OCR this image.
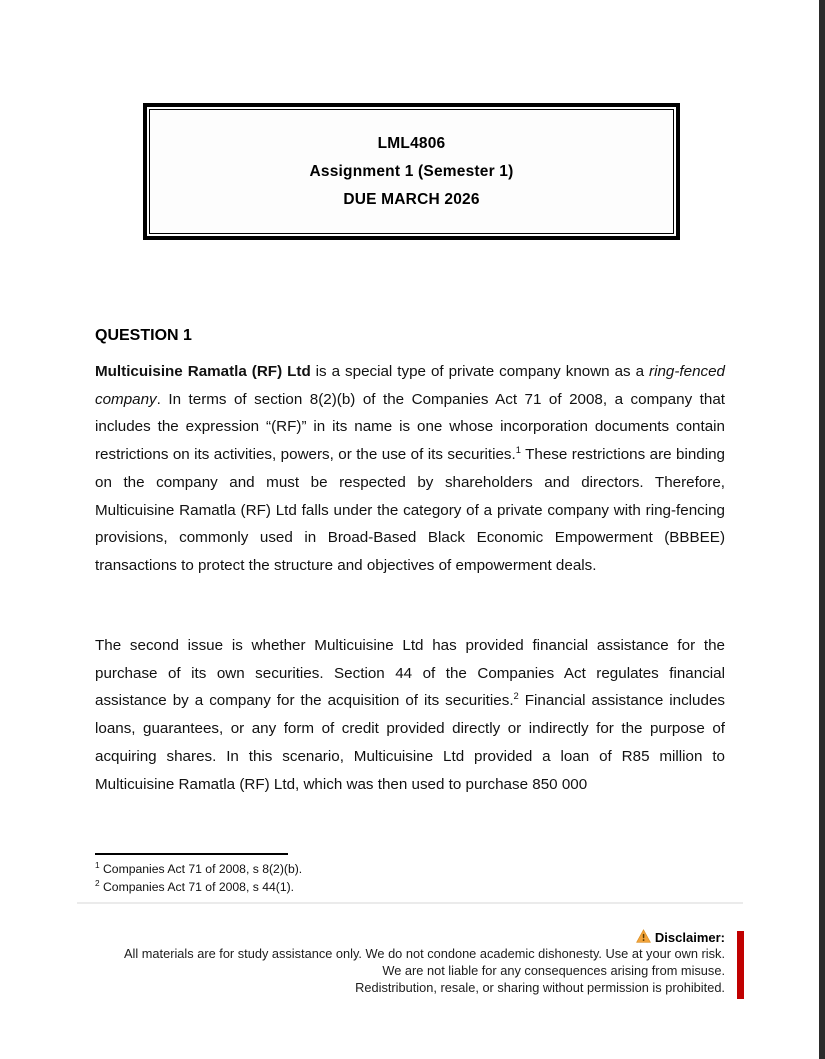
LML4806
Assignment 1 (Semester 1)
DUE MARCH 2026
QUESTION 1

Multicuisine Ramatla (RF) Ltd is a special type of private company known as a ring-fenced company. In terms of section 8(2)(b) of the Companies Act 71 of 2008, a company that includes the expression “(RF)” in its name is one whose incorporation documents contain restrictions on its activities, powers, or the use of its securities.$^1$ These restrictions are binding on the company and must be respected by shareholders and directors. Therefore, Multicuisine Ramatla (RF) Ltd falls under the category of a private company with ring-fencing provisions, commonly used in Broad-Based Black Economic Empowerment (BBBEE) transactions to protect the structure and objectives of empowerment deals.

The second issue is whether Multicuisine Ltd has provided financial assistance for the purchase of its own securities. Section 44 of the Companies Act regulates financial assistance by a company for the acquisition of its securities.$^2$ Financial assistance includes loans, guarantees, or any form of credit provided directly or indirectly for the purpose of acquiring shares. In this scenario, Multicuisine Ltd provided a loan of R85 million to Multicuisine Ramatla (RF) Ltd, which was then used to purchase 850 000

$^1$ Companies Act 71 of 2008, s 8(2)(b).
$^2$ Companies Act 71 of 2008, s 44(1).
Disclaimer:
All materials are for study assistance only. We do not condone academic dishonesty. Use at your own risk.
We are not liable for any consequences arising from misuse.
Redistribution, resale, or sharing without permission is prohibited.
